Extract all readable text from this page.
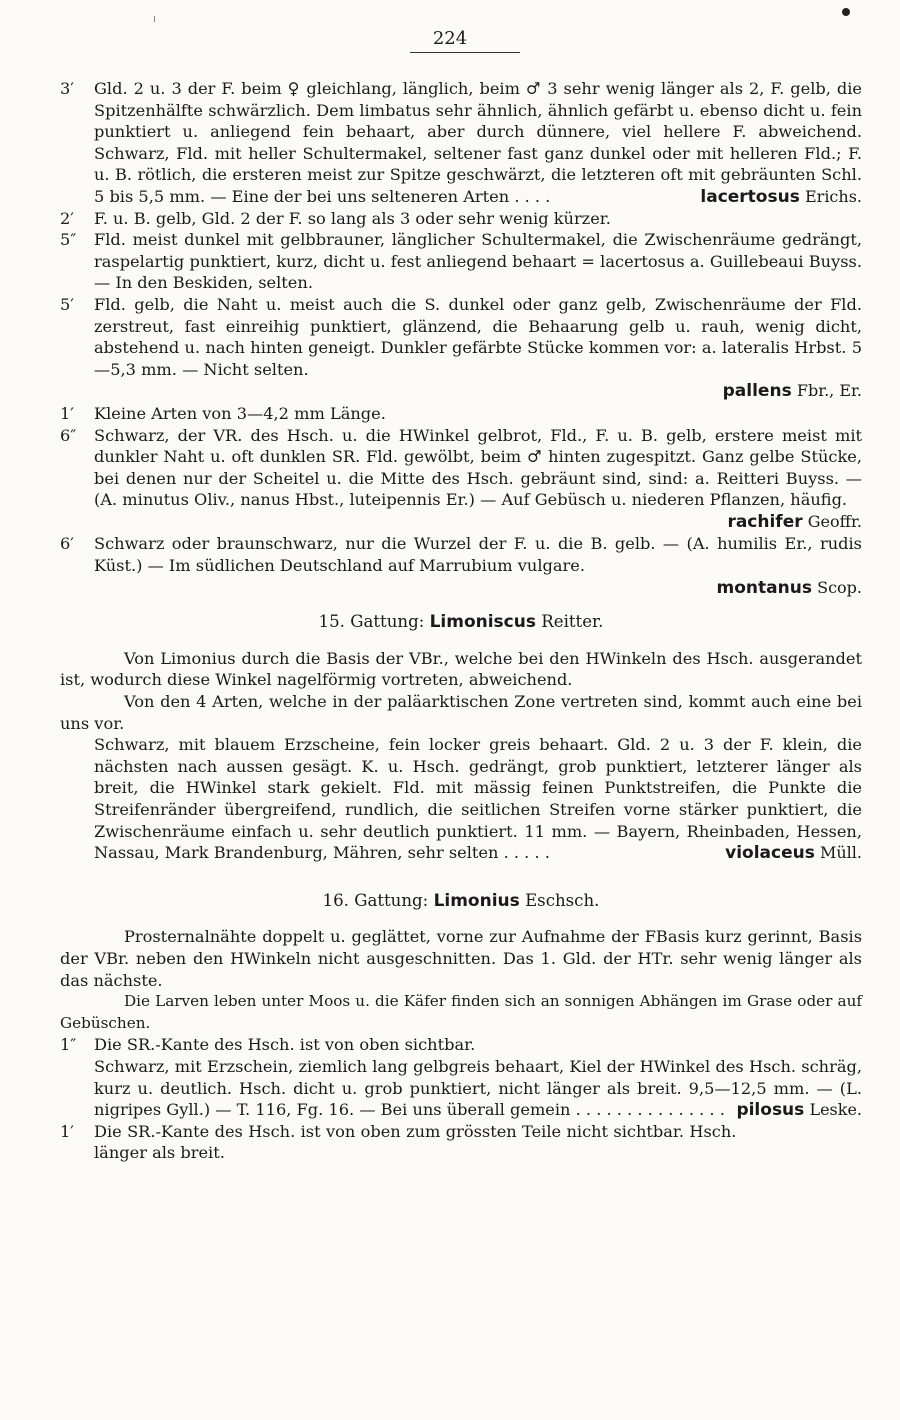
224
3′ Gld. 2 u. 3 der F. beim ♀ gleichlang, länglich, beim ♂ 3 sehr wenig länger als 2, F. gelb, die Spitzenhälfte schwärzlich. Dem limbatus sehr ähnlich, ähnlich gefärbt u. ebenso dicht u. fein punktiert u. anliegend fein behaart, aber durch dünnere, viel hellere F. abweichend. Schwarz, Fld. mit heller Schultermakel, seltener fast ganz dunkel oder mit helleren Fld.; F. u. B. rötlich, die ersteren meist zur Spitze geschwärzt, die letzteren oft mit gebräunten Schl. 5 bis 5,5 mm. — Eine der bei uns selteneren Arten . . . .	lacertosus Erichs.
2′ F. u. B. gelb, Gld. 2 der F. so lang als 3 oder sehr wenig kürzer.
5″ Fld. meist dunkel mit gelbbrauner, länglicher Schultermakel, die Zwischenräume gedrängt, raspelartig punktiert, kurz, dicht u. fest anliegend behaart = lacertosus a. Guillebeaui Buyss. — In den Beskiden, selten.
5′ Fld. gelb, die Naht u. meist auch die S. dunkel oder ganz gelb, Zwischenräume der Fld. zerstreut, fast einreihig punktiert, glänzend, die Behaarung gelb u. rauh, wenig dicht, abstehend u. nach hinten geneigt. Dunkler gefärbte Stücke kommen vor: a. lateralis Hrbst. 5—5,3 mm. — Nicht selten.
pallens Fbr., Er.
1′ Kleine Arten von 3—4,2 mm Länge.
6″ Schwarz, der VR. des Hsch. u. die HWinkel gelbrot, Fld., F. u. B. gelb, erstere meist mit dunkler Naht u. oft dunklen SR. Fld. gewölbt, beim ♂ hinten zugespitzt. Ganz gelbe Stücke, bei denen nur der Scheitel u. die Mitte des Hsch. gebräunt sind, sind: a. Reitteri Buyss. — (A. minutus Oliv., nanus Hbst., luteipennis Er.) — Auf Gebüsch u. niederen Pflanzen, häufig.
rachifer Geoffr.
6′ Schwarz oder braunschwarz, nur die Wurzel der F. u. die B. gelb. — (A. humilis Er., rudis Küst.) — Im südlichen Deutschland auf Marrubium vulgare.
montanus Scop.
15. Gattung: Limoniscus Reitter.

Von Limonius durch die Basis der VBr., welche bei den HWinkeln des Hsch. ausgerandet ist, wodurch diese Winkel nagelförmig vortreten, abweichend.

Von den 4 Arten, welche in der paläarktischen Zone vertreten sind, kommt auch eine bei uns vor.

Schwarz, mit blauem Erzscheine, fein locker greis behaart. Gld. 2 u. 3 der F. klein, die nächsten nach aussen gesägt. K. u. Hsch. gedrängt, grob punktiert, letzterer länger als breit, die HWinkel stark gekielt. Fld. mit mässig feinen Punktstreifen, die Punkte die Streifenränder übergreifend, rundlich, die seitlichen Streifen vorne stärker punktiert, die Zwischenräume einfach u. sehr deutlich punktiert. 11 mm. — Bayern, Rheinbaden, Hessen, Nassau, Mark Brandenburg, Mähren, sehr selten . . . . .	violaceus Müll.
16. Gattung: Limonius Eschsch.

Prosternalnähte doppelt u. geglättet, vorne zur Aufnahme der FBasis kurz gerinnt, Basis der VBr. neben den HWinkeln nicht ausgeschnitten. Das 1. Gld. der HTr. sehr wenig länger als das nächste.

Die Larven leben unter Moos u. die Käfer finden sich an sonnigen Abhängen im Grase oder auf Gebüschen.

1″ Die SR.-Kante des Hsch. ist von oben sichtbar.
Schwarz, mit Erzschein, ziemlich lang gelbgreis behaart, Kiel der HWinkel des Hsch. schräg, kurz u. deutlich. Hsch. dicht u. grob punktiert, nicht länger als breit. 9,5—12,5 mm. — (L. nigripes Gyll.) — T. 116, Fg. 16. — Bei uns überall gemein . . . . . . . . . . . . . . . pilosus Leske.
1′ Die SR.-Kante des Hsch. ist von oben zum grössten Teile nicht sichtbar. Hsch. länger als breit.
